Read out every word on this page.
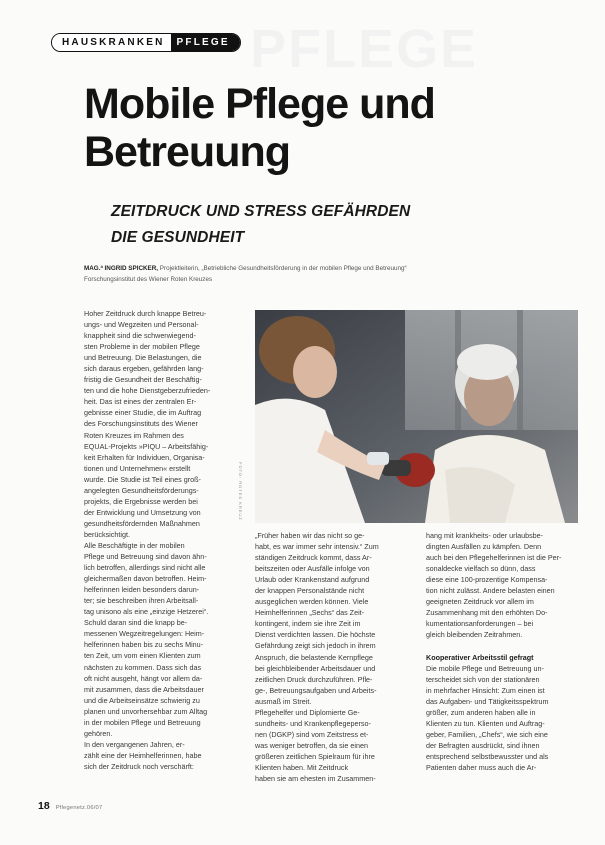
PFLEGE
HAUSKRANKEN	PFLEGE
Mobile Pflege und
Betreuung
ZEITDRUCK UND STRESS GEFÄHRDEN
DIE GESUNDHEIT
MAG.ª INGRID SPICKER, Projektleiterin, „Betriebliche Gesundheitsförderung in der mobilen Pflege und Betreuung“
Forschungsinstitut des Wiener Roten Kreuzes
Hoher Zeitdruck durch knappe Betreu-
ungs- und Wegzeiten und Personal-
knappheit sind die schwerwiegend-
sten Probleme in der mobilen Pflege
und Betreuung. Die Belastungen, die
sich daraus ergeben, gefährden lang-
fristig die Gesundheit der Beschäftig-
ten und die hohe Dienstgeberzufrieden-
heit. Das ist eines der zentralen Er-
gebnisse einer Studie, die im Auftrag
des Forschungsinstituts des Wiener
Roten Kreuzes im Rahmen des
EQUAL-Projekts »PIQU – Arbeitsfähig-
keit Erhalten für Individuen, Organisa-
tionen und Unternehmen« erstellt
wurde. Die Studie ist Teil eines groß-
angelegten Gesundheitsförderungs-
projekts, die Ergebnisse werden bei
der Entwicklung und Umsetzung von
gesundheitsfördernden Maßnahmen
berücksichtigt.
Alle Beschäftigte in der mobilen
Pflege und Betreuung sind davon ähn-
lich betroffen, allerdings sind nicht alle
gleichermaßen davon betroffen. Heim-
helferinnen leiden besonders darun-
ter; sie beschreiben ihren Arbeitsall-
tag unisono als eine „einzige Hetzerei“.
Schuld daran sind die knapp be-
messenen Wegzeitregelungen: Heim-
helferinnen haben bis zu sechs Minu-
ten Zeit, um vom einen Klienten zum
nächsten zu kommen. Dass sich das
oft nicht ausgeht, hängt vor allem da-
mit zusammen, dass die Arbeitsdauer
und die Arbeitseinsätze schwierig zu
planen und unvorhersehbar zum Alltag
in der mobilen Pflege und Betreuung
gehören.
In den vergangenen Jahren, er-
zählt eine der Heimhelferinnen, habe
sich der Zeitdruck noch verschärft:
FOTO: ROTES KREUZ
„Früher haben wir das nicht so ge-
habt, es war immer sehr intensiv.“ Zum
ständigen Zeitdruck kommt, dass Ar-
beitszeiten oder Ausfälle infolge von
Urlaub oder Krankenstand aufgrund
der knappen Personalstände nicht
ausgeglichen werden können. Viele
Heimhelferinnen „Sechs“ das Zeit-
kontingent, indem sie ihre Zeit im
Dienst verdichten lassen. Die höchste
Gefährdung zeigt sich jedoch in ihrem
Anspruch, die belastende Kernpflege
bei gleichbleibender Arbeitsdauer und
zeitlichen Druck durchzuführen. Pfle-
ge-, Betreuungsaufgaben und Arbeits-
ausmaß im Streit.
Pflegehelfer und Diplomierte Ge-
sundheits- und Krankenpflegeperso-
nen (DGKP) sind vom Zeitstress et-
was weniger betroffen, da sie einen
größeren zeitlichen Spielraum für ihre
Klienten haben. Mit Zeitdruck
haben sie am ehesten im Zusammen-
hang mit krankheits- oder urlaubsbe-
dingten Ausfällen zu kämpfen. Denn
auch bei den Pflegehelferinnen ist die Per-
sonaldecke vielfach so dünn, dass
diese eine 100-prozentige Kompensa-
tion nicht zulässt. Andere belasten einen
geeigneten Zeitdruck vor allem im
Zusammenhang mit den erhöhten Do-
kumentationsanforderungen – bei
gleich bleibenden Zeitrahmen.

Kooperativer Arbeitsstil gefragt
Die mobile Pflege und Betreuung un-
terscheidet sich von der stationären
in mehrfacher Hinsicht: Zum einen ist
das Aufgaben- und Tätigkeitsspektrum
größer, zum anderen haben alle in
Klienten zu tun. Klienten und Auftrag-
geber, Familien, „Chefs“, wie sich eine
der Befragten ausdrückt, sind ihnen
entsprechend selbstbewusster und als
Patienten daher muss auch die Ar-
18 Pflegenetz.06/07
